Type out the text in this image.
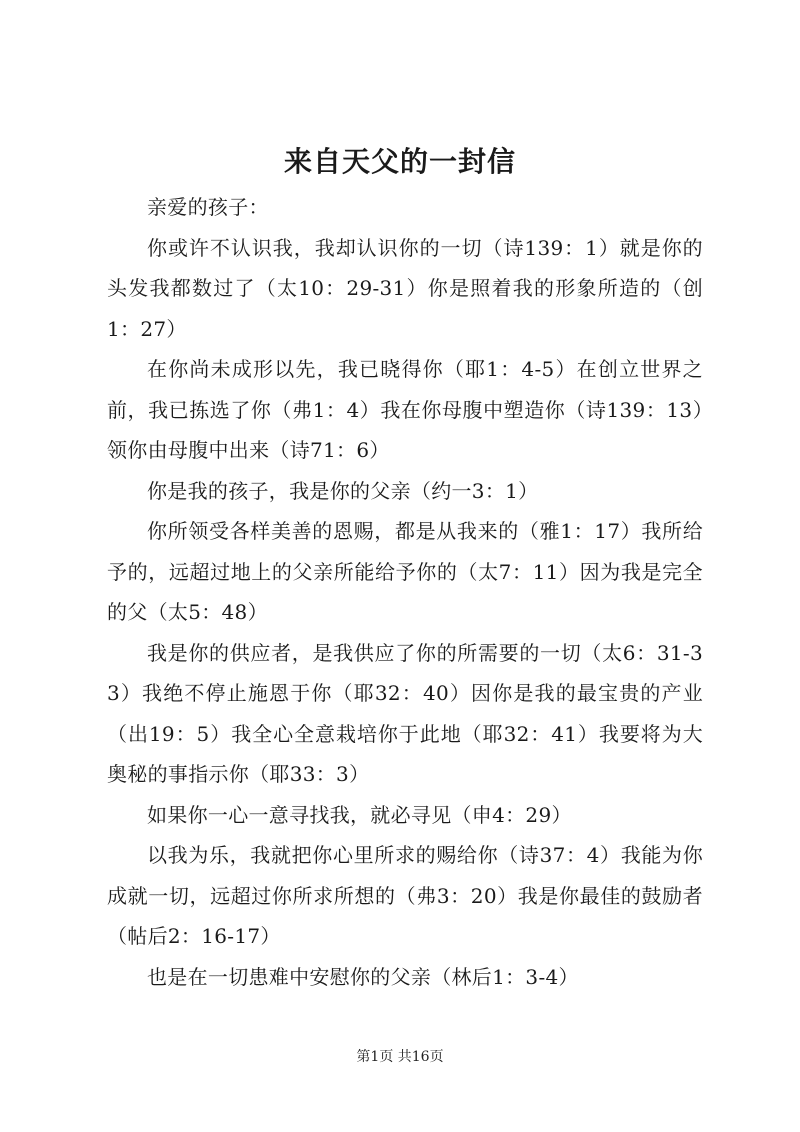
来自天父的一封信

亲爱的孩子：

你或许不认识我，我却认识你的一切（诗139：1）就是你的头发我都数过了（太10：29-31）你是照着我的形象所造的（创1：27）

在你尚未成形以先，我已晓得你（耶1：4-5）在创立世界之前，我已拣选了你（弗1：4）我在你母腹中塑造你（诗139：13）领你由母腹中出来（诗71：6）

你是我的孩子，我是你的父亲（约一3：1）

你所领受各样美善的恩赐，都是从我来的（雅1：17）我所给予的，远超过地上的父亲所能给予你的（太7：11）因为我是完全的父（太5：48）

我是你的供应者，是我供应了你的所需要的一切（太6：31-33）我绝不停止施恩于你（耶32：40）因你是我的最宝贵的产业（出19：5）我全心全意栽培你于此地（耶32：41）我要将为大奥秘的事指示你（耶33：3）

如果你一心一意寻找我，就必寻见（申4：29）

以我为乐，我就把你心里所求的赐给你（诗37：4）我能为你成就一切，远超过你所求所想的（弗3：20）我是你最佳的鼓励者（帖后2：16-17）

也是在一切患难中安慰你的父亲（林后1：3-4）

第1页 共16页
